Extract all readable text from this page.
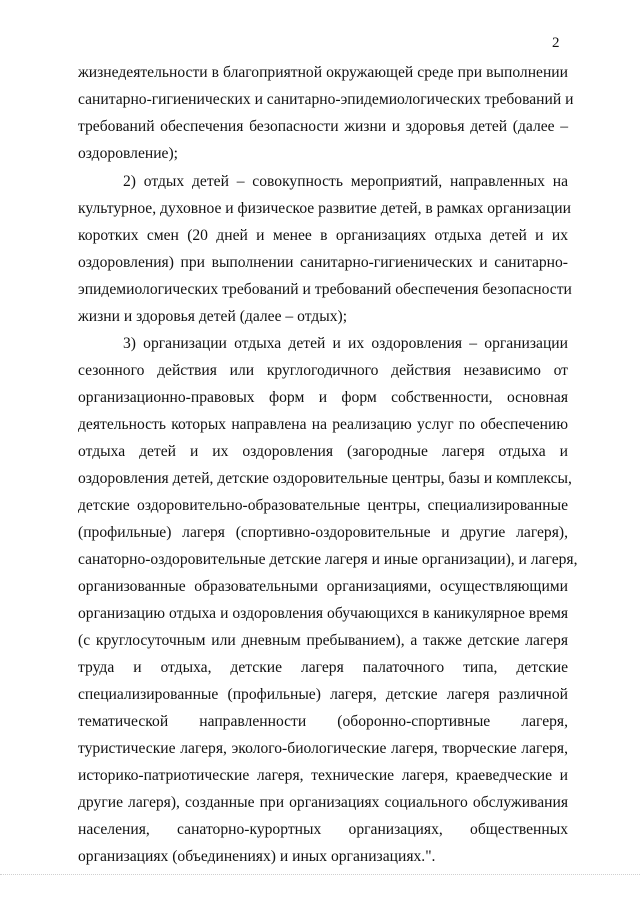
2
жизнедеятельности в благоприятной окружающей среде при выполнении
санитарно-гигиенических и санитарно-эпидемиологических требований и
требований обеспечения безопасности жизни и здоровья детей (далее –
оздоровление);
2) отдых детей – совокупность мероприятий, направленных на
культурное, духовное и физическое развитие детей, в рамках организации
коротких смен (20 дней и менее в организациях отдыха детей и их
оздоровления) при выполнении санитарно-гигиенических и санитарно-
эпидемиологических требований и требований обеспечения безопасности
жизни и здоровья детей (далее – отдых);
3) организации отдыха детей и их оздоровления – организации
сезонного действия или круглогодичного действия независимо от
организационно-правовых форм и форм собственности, основная
деятельность которых направлена на реализацию услуг по обеспечению
отдыха детей и их оздоровления (загородные лагеря отдыха и
оздоровления детей, детские оздоровительные центры, базы и комплексы,
детские оздоровительно-образовательные центры, специализированные
(профильные) лагеря (спортивно-оздоровительные и другие лагеря),
санаторно-оздоровительные детские лагеря и иные организации), и лагеря,
организованные образовательными организациями, осуществляющими
организацию отдыха и оздоровления обучающихся в каникулярное время
(с круглосуточным или дневным пребыванием), а также детские лагеря
труда и отдыха, детские лагеря палаточного типа, детские
специализированные (профильные) лагеря, детские лагеря различной
тематической направленности (оборонно-спортивные лагеря,
туристические лагеря, эколого-биологические лагеря, творческие лагеря,
историко-патриотические лагеря, технические лагеря, краеведческие и
другие лагеря), созданные при организациях социального обслуживания
населения, санаторно-курортных организациях, общественных
организациях (объединениях) и иных организациях.".
